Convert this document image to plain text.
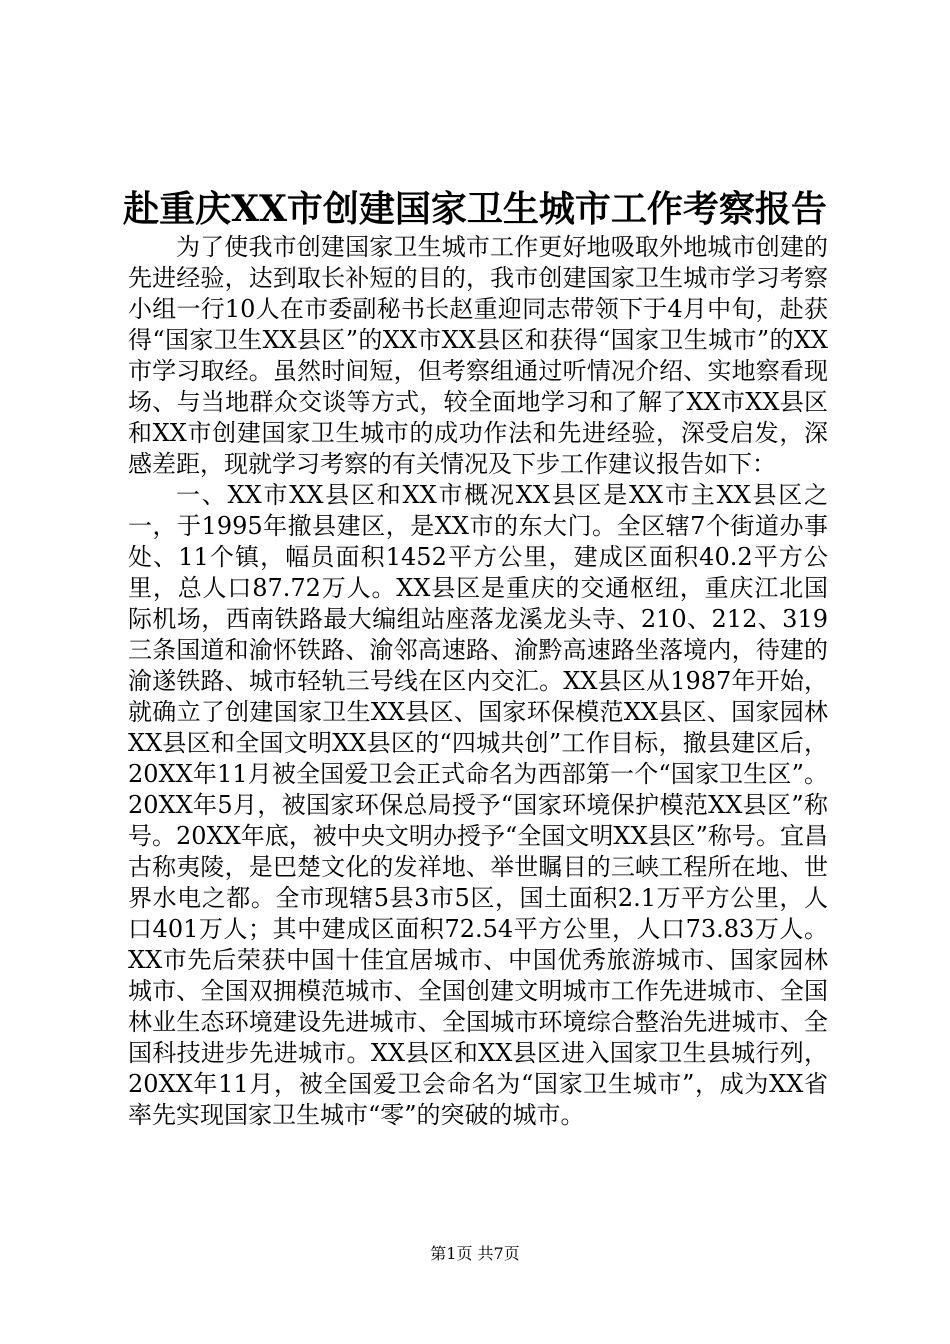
赴重庆XX市创建国家卫生城市工作考察报告

为了使我市创建国家卫生城市工作更好地吸取外地城市创建的先进经验，达到取长补短的目的，我市创建国家卫生城市学习考察小组一行10人在市委副秘书长赵重迎同志带领下于4月中旬，赴获得“国家卫生XX县区”的XX市XX县区和获得“国家卫生城市”的XX市学习取经。虽然时间短，但考察组通过听情况介绍、实地察看现场、与当地群众交谈等方式，较全面地学习和了解了XX市XX县区和XX市创建国家卫生城市的成功作法和先进经验，深受启发，深感差距，现就学习考察的有关情况及下步工作建议报告如下：

一、XX市XX县区和XX市概况XX县区是XX市主XX县区之一，于1995年撤县建区，是XX市的东大门。全区辖7个街道办事处、11个镇，幅员面积1452平方公里，建成区面积40.2平方公里，总人口87.72万人。XX县区是重庆的交通枢纽，重庆江北国际机场，西南铁路最大编组站座落龙溪龙头寺、210、212、319三条国道和渝怀铁路、渝邻高速路、渝黔高速路坐落境内，待建的渝遂铁路、城市轻轨三号线在区内交汇。XX县区从1987年开始，就确立了创建国家卫生XX县区、国家环保模范XX县区、国家园林XX县区和全国文明XX县区的“四城共创”工作目标，撤县建区后，20XX年11月被全国爱卫会正式命名为西部第一个“国家卫生区”。20XX年5月，被国家环保总局授予“国家环境保护模范XX县区”称号。20XX年底，被中央文明办授予“全国文明XX县区”称号。宜昌古称夷陵，是巴楚文化的发祥地、举世瞩目的三峡工程所在地、世界水电之都。全市现辖5县3市5区，国土面积2.1万平方公里，人口401万人；其中建成区面积72.54平方公里，人口73.83万人。XX市先后荣获中国十佳宜居城市、中国优秀旅游城市、国家园林城市、全国双拥模范城市、全国创建文明城市工作先进城市、全国林业生态环境建设先进城市、全国城市环境综合整治先进城市、全国科技进步先进城市。XX县区和XX县区进入国家卫生县城行列，20XX年11月，被全国爱卫会命名为“国家卫生城市”，成为XX省率先实现国家卫生城市“零”的突破的城市。

第1页 共7页
